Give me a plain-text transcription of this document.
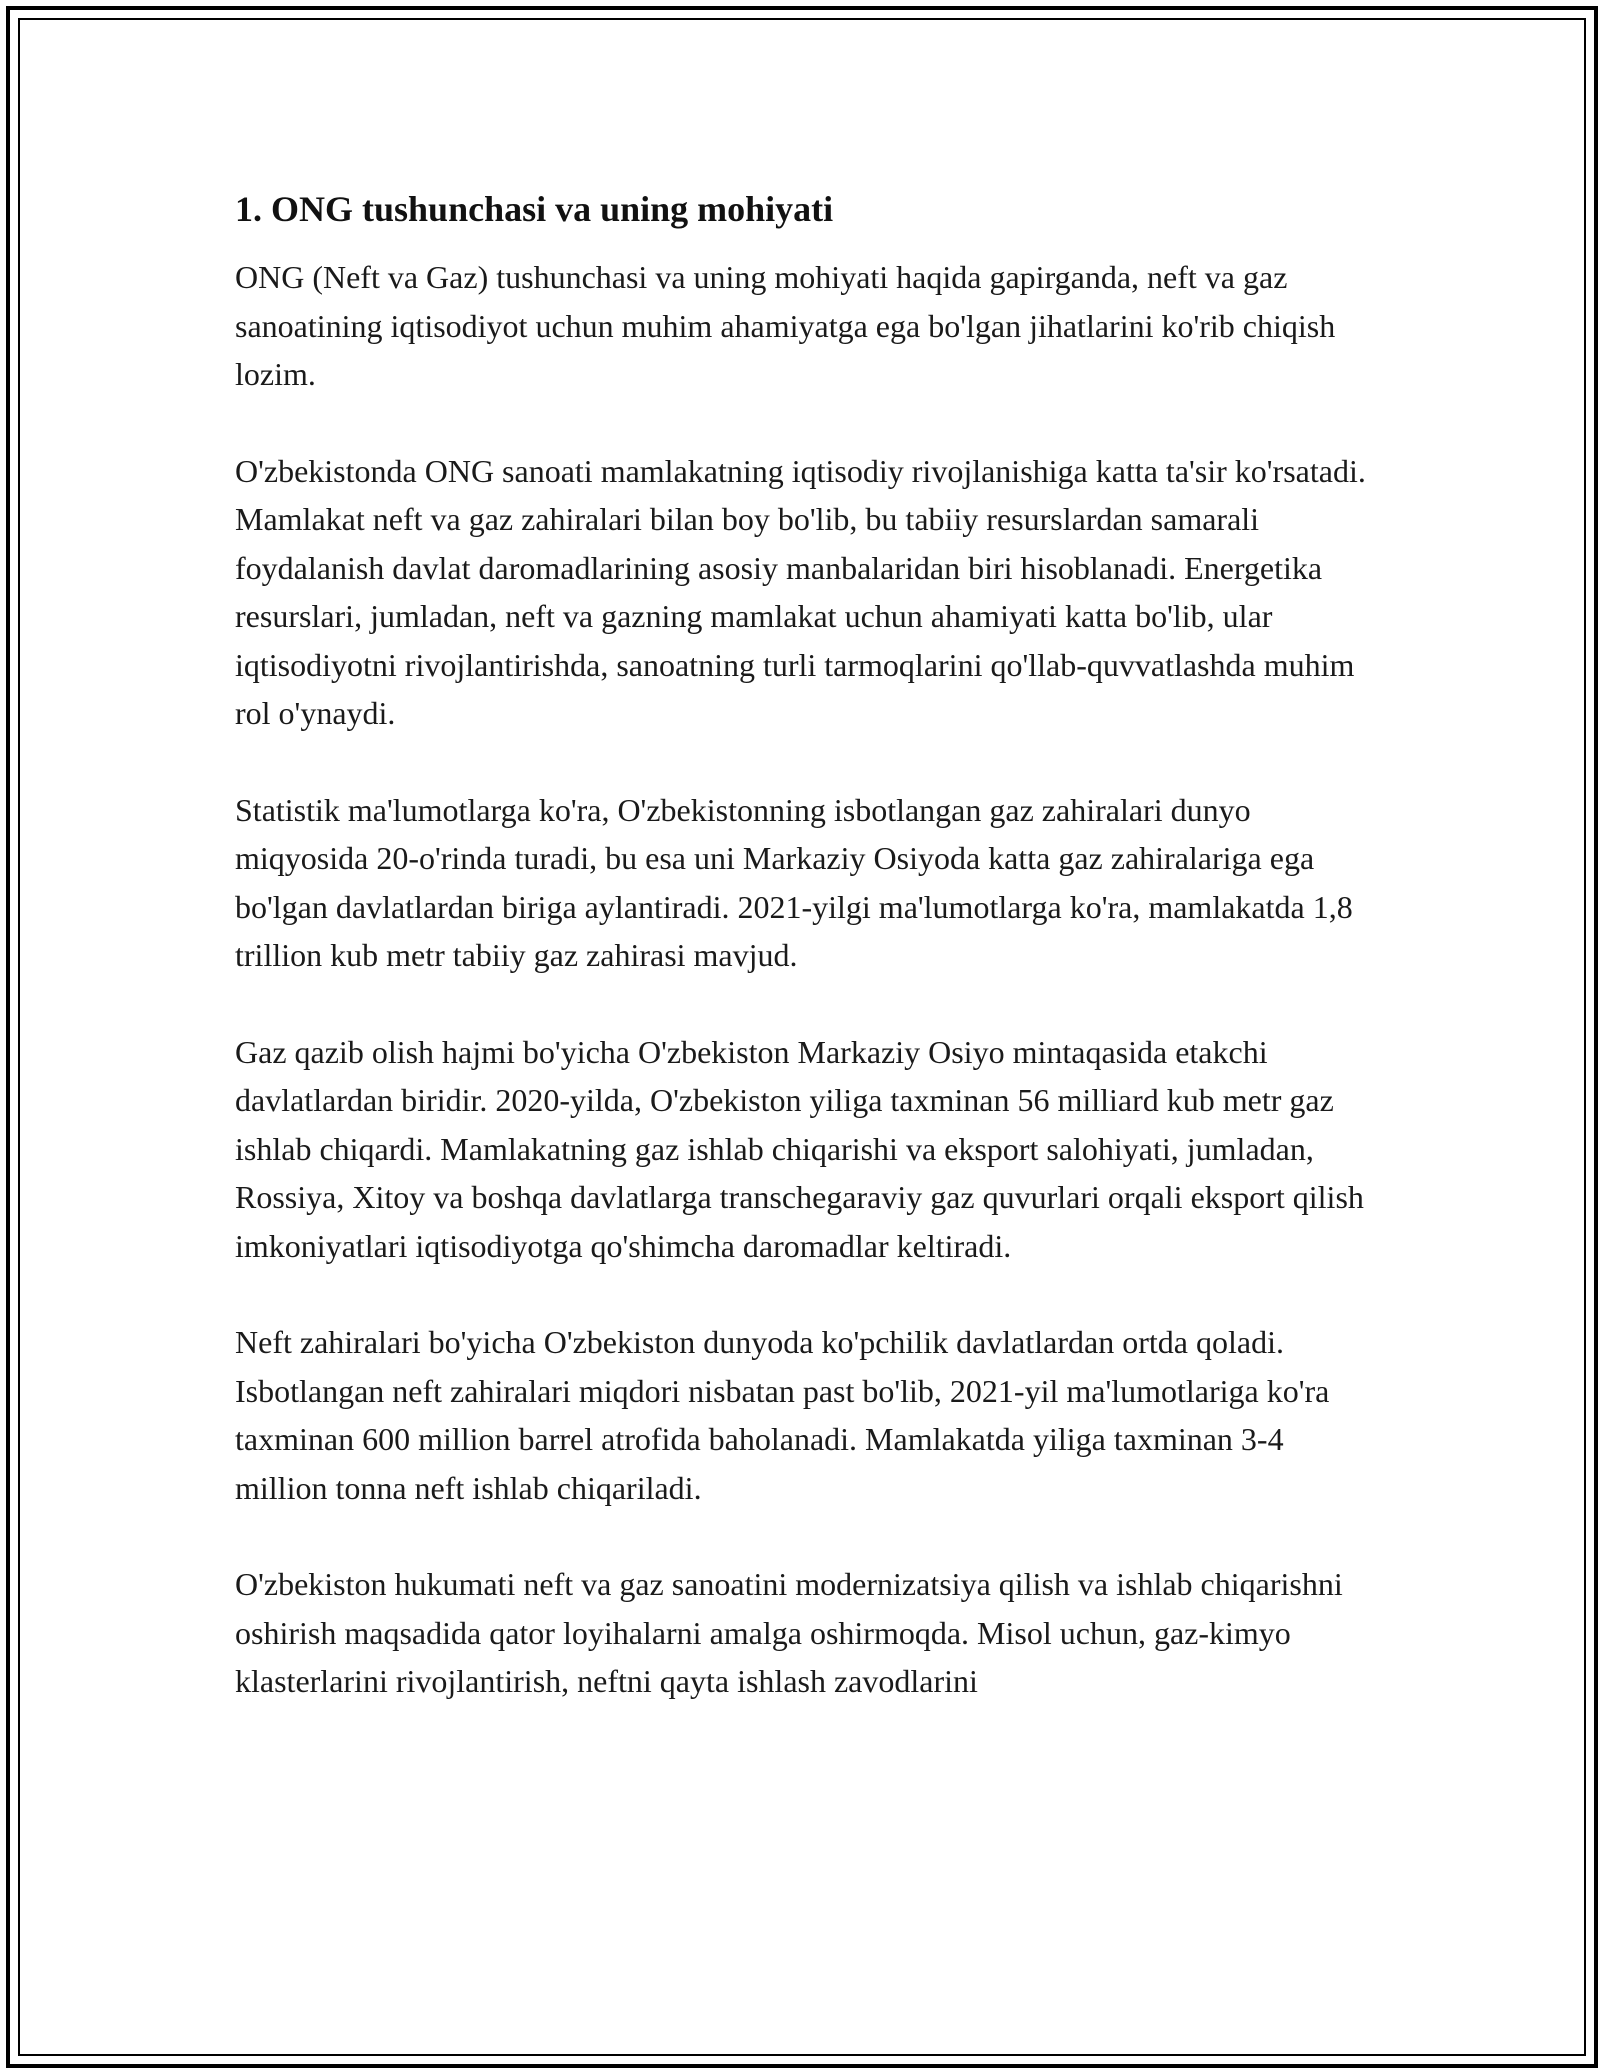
1. ONG tushunchasi va uning mohiyati

ONG (Neft va Gaz) tushunchasi va uning mohiyati haqida gapirganda, neft va gaz sanoatining iqtisodiyot uchun muhim ahamiyatga ega bo'lgan jihatlarini ko'rib chiqish lozim.

O'zbekistonda ONG sanoati mamlakatning iqtisodiy rivojlanishiga katta ta'sir ko'rsatadi. Mamlakat neft va gaz zahiralari bilan boy bo'lib, bu tabiiy resurslardan samarali foydalanish davlat daromadlarining asosiy manbalaridan biri hisoblanadi. Energetika resurslari, jumladan, neft va gazning mamlakat uchun ahamiyati katta bo'lib, ular iqtisodiyotni rivojlantirishda, sanoatning turli tarmoqlarini qo'llab-quvvatlashda muhim rol o'ynaydi.

Statistik ma'lumotlarga ko'ra, O'zbekistonning isbotlangan gaz zahiralari dunyo miqyosida 20-o'rinda turadi, bu esa uni Markaziy Osiyoda katta gaz zahiralariga ega bo'lgan davlatlardan biriga aylantiradi. 2021-yilgi ma'lumotlarga ko'ra, mamlakatda 1,8 trillion kub metr tabiiy gaz zahirasi mavjud.

Gaz qazib olish hajmi bo'yicha O'zbekiston Markaziy Osiyo mintaqasida etakchi davlatlardan biridir. 2020-yilda, O'zbekiston yiliga taxminan 56 milliard kub metr gaz ishlab chiqardi. Mamlakatning gaz ishlab chiqarishi va eksport salohiyati, jumladan, Rossiya, Xitoy va boshqa davlatlarga transchegaraviy gaz quvurlari orqali eksport qilish imkoniyatlari iqtisodiyotga qo'shimcha daromadlar keltiradi.

Neft zahiralari bo'yicha O'zbekiston dunyoda ko'pchilik davlatlardan ortda qoladi. Isbotlangan neft zahiralari miqdori nisbatan past bo'lib, 2021-yil ma'lumotlariga ko'ra taxminan 600 million barrel atrofida baholanadi. Mamlakatda yiliga taxminan 3-4 million tonna neft ishlab chiqariladi.

O'zbekiston hukumati neft va gaz sanoatini modernizatsiya qilish va ishlab chiqarishni oshirish maqsadida qator loyihalarni amalga oshirmoqda. Misol uchun, gaz-kimyo klasterlarini rivojlantirish, neftni qayta ishlash zavodlarini
